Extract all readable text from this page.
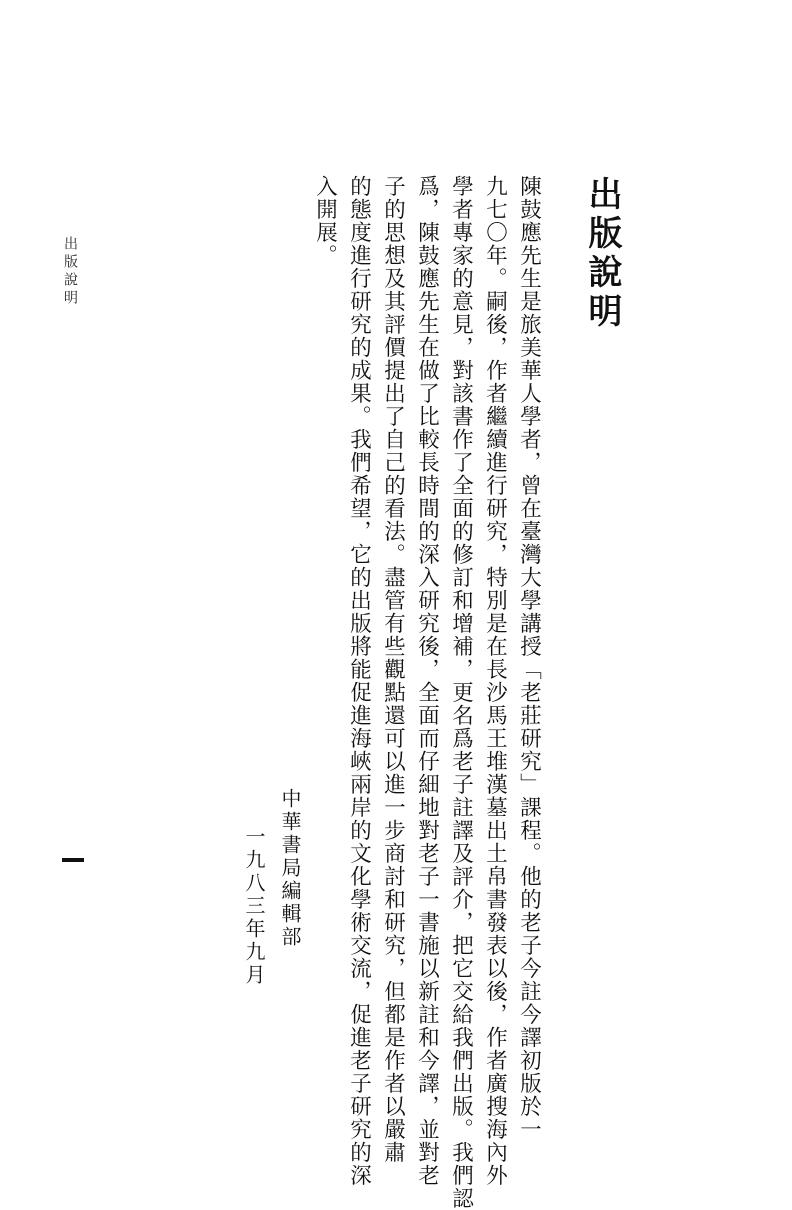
出版說明
陳鼓應先生是旅美華人學者，曾在臺灣大學講授「老莊研究」課程。他的老子今註今譯初版於一
九七〇年。嗣後，作者繼續進行研究，特別是在長沙馬王堆漢墓出土帛書發表以後，作者廣搜海內外
學者專家的意見，對該書作了全面的修訂和增補，更名爲老子註譯及評介，把它交給我們出版。我們認
爲，陳鼓應先生在做了比較長時間的深入研究後，全面而仔細地對老子一書施以新註和今譯，並對老
子的思想及其評價提出了自己的看法。盡管有些觀點還可以進一步商討和研究，但都是作者以嚴肅
的態度進行研究的成果。我們希望，它的出版將能促進海峽兩岸的文化學術交流，促進老子研究的深
入開展。
中華書局編輯部
一九八三年九月
出版說明
